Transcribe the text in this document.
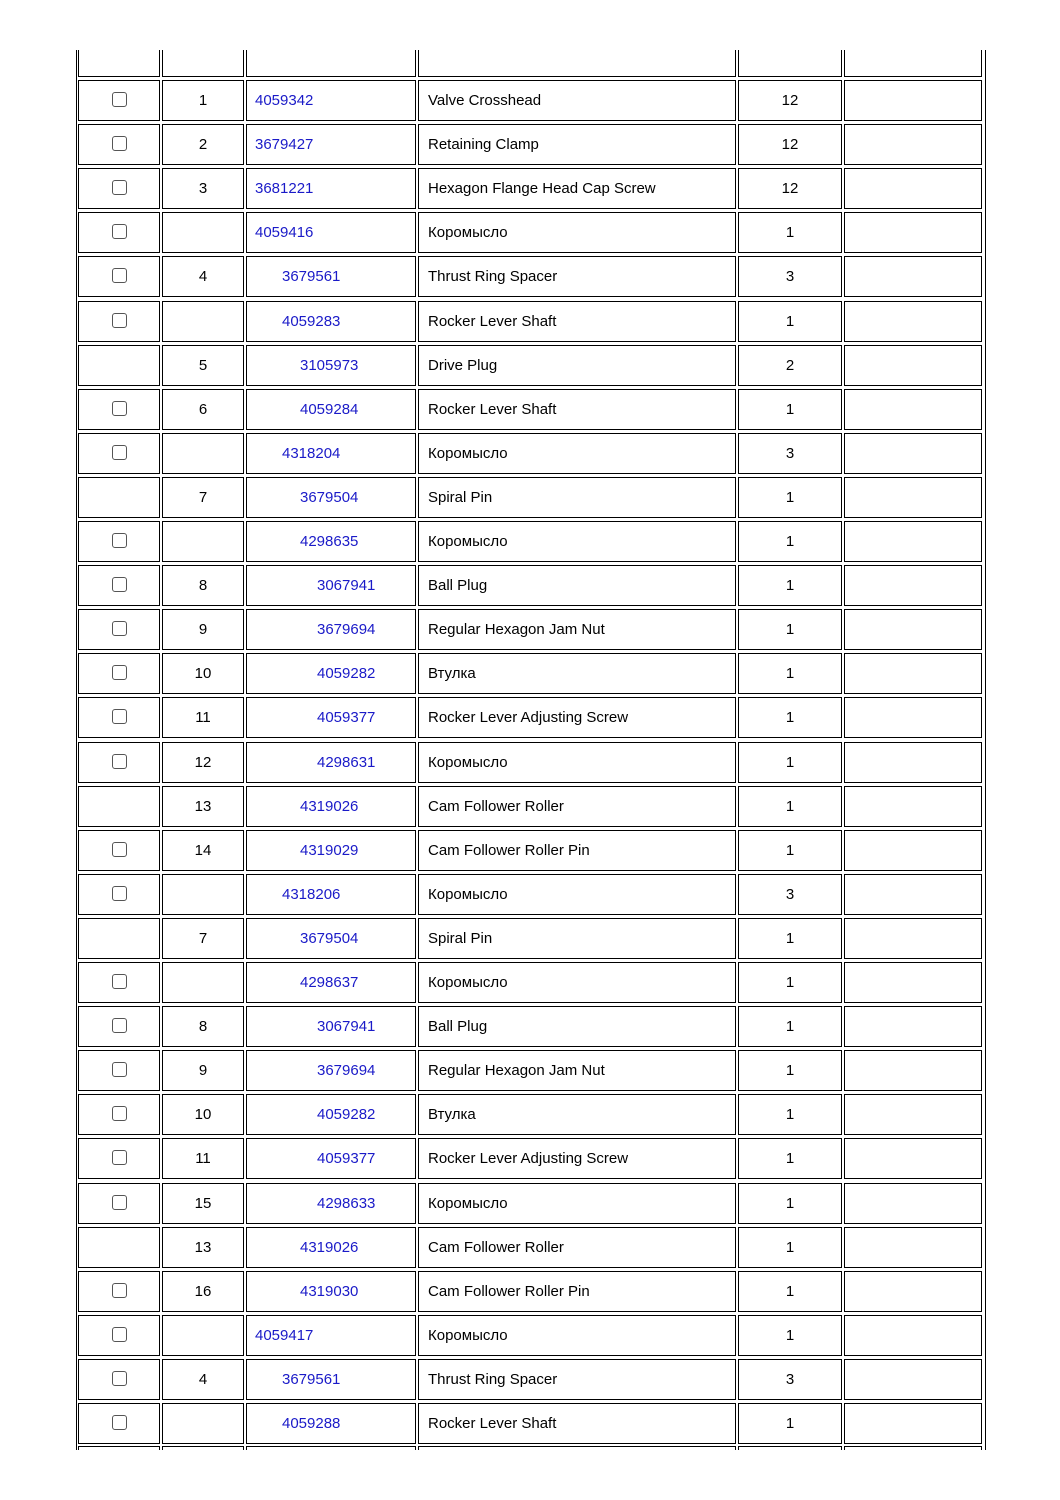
1	4059342	Valve Crosshead	12
2	3679427	Retaining Clamp	12
3	3681221	Hexagon Flange Head Cap Screw	12
4059416	Коромысло	1
4	3679561	Thrust Ring Spacer	3
4059283	Rocker Lever Shaft	1
5	3105973	Drive Plug	2
6	4059284	Rocker Lever Shaft	1
4318204	Коромысло	3
7	3679504	Spiral Pin	1
4298635	Коромысло	1
8	3067941	Ball Plug	1
9	3679694	Regular Hexagon Jam Nut	1
10	4059282	Втулка	1
11	4059377	Rocker Lever Adjusting Screw	1
12	4298631	Коромысло	1
13	4319026	Cam Follower Roller	1
14	4319029	Cam Follower Roller Pin	1
4318206	Коромысло	3
7	3679504	Spiral Pin	1
4298637	Коромысло	1
8	3067941	Ball Plug	1
9	3679694	Regular Hexagon Jam Nut	1
10	4059282	Втулка	1
11	4059377	Rocker Lever Adjusting Screw	1
15	4298633	Коромысло	1
13	4319026	Cam Follower Roller	1
16	4319030	Cam Follower Roller Pin	1
4059417	Коромысло	1
4	3679561	Thrust Ring Spacer	3
4059288	Rocker Lever Shaft	1
